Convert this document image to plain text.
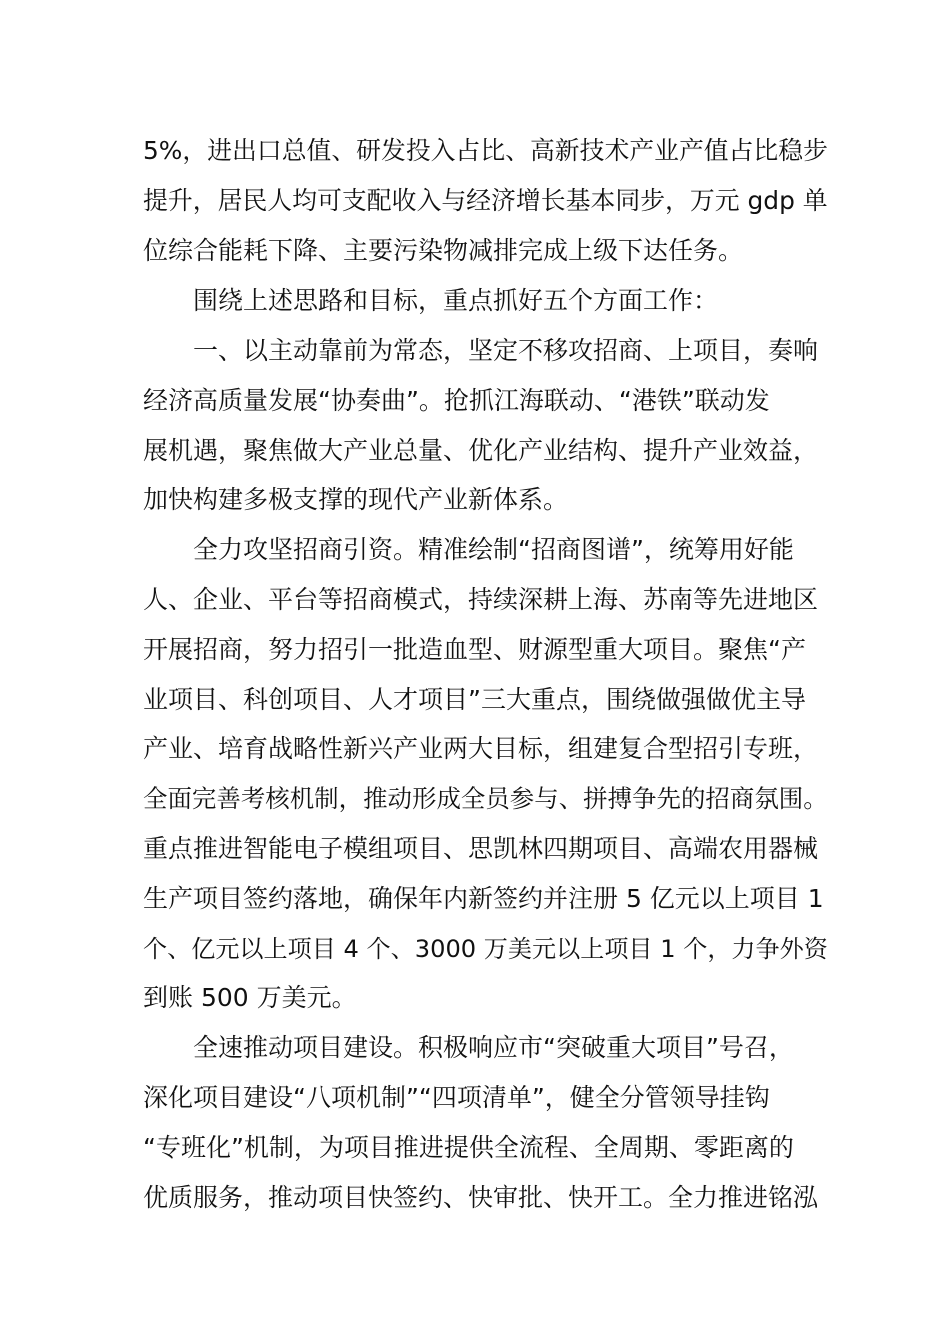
5%，进出口总值、研发投入占比、高新技术产业产值占比稳步

提升，居民人均可支配收入与经济增长基本同步，万元 gdp 单

位综合能耗下降、主要污染物减排完成上级下达任务。

围绕上述思路和目标，重点抓好五个方面工作：

一、以主动靠前为常态，坚定不移攻招商、上项目，奏响

经济高质量发展“协奏曲”。抢抓江海联动、“港铁”联动发

展机遇，聚焦做大产业总量、优化产业结构、提升产业效益，

加快构建多极支撑的现代产业新体系。

全力攻坚招商引资。精准绘制“招商图谱”，统筹用好能

人、企业、平台等招商模式，持续深耕上海、苏南等先进地区

开展招商，努力招引一批造血型、财源型重大项目。聚焦“产

业项目、科创项目、人才项目”三大重点，围绕做强做优主导

产业、培育战略性新兴产业两大目标，组建复合型招引专班，

全面完善考核机制，推动形成全员参与、拼搏争先的招商氛围。

重点推进智能电子模组项目、思凯林四期项目、高端农用器械

生产项目签约落地，确保年内新签约并注册 5 亿元以上项目 1

个、亿元以上项目 4 个、3000 万美元以上项目 1 个，力争外资

到账 500 万美元。

全速推动项目建设。积极响应市“突破重大项目”号召，

深化项目建设“八项机制”“四项清单”，健全分管领导挂钩

“专班化”机制，为项目推进提供全流程、全周期、零距离的

优质服务，推动项目快签约、快审批、快开工。全力推进铭泓
